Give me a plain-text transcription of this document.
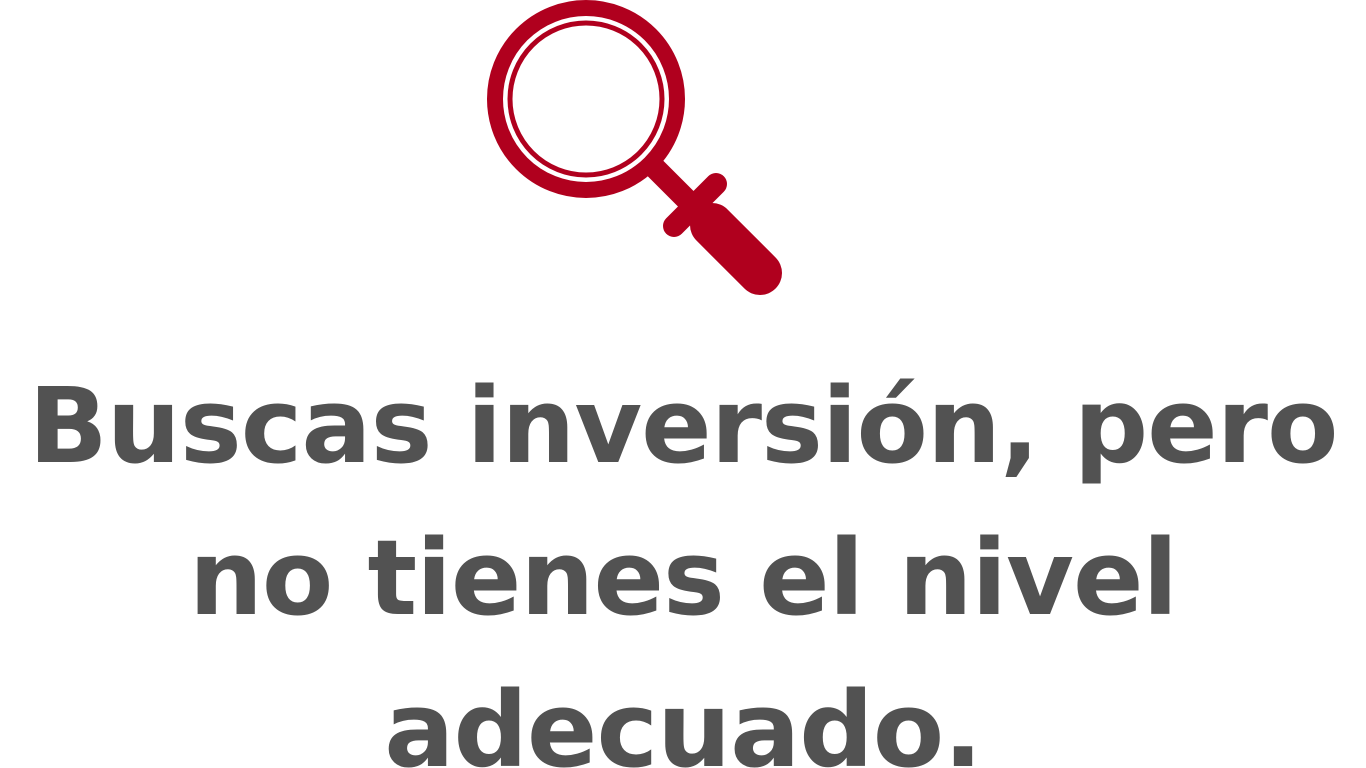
Buscas inversión, pero
no tienes el nivel
adecuado.
